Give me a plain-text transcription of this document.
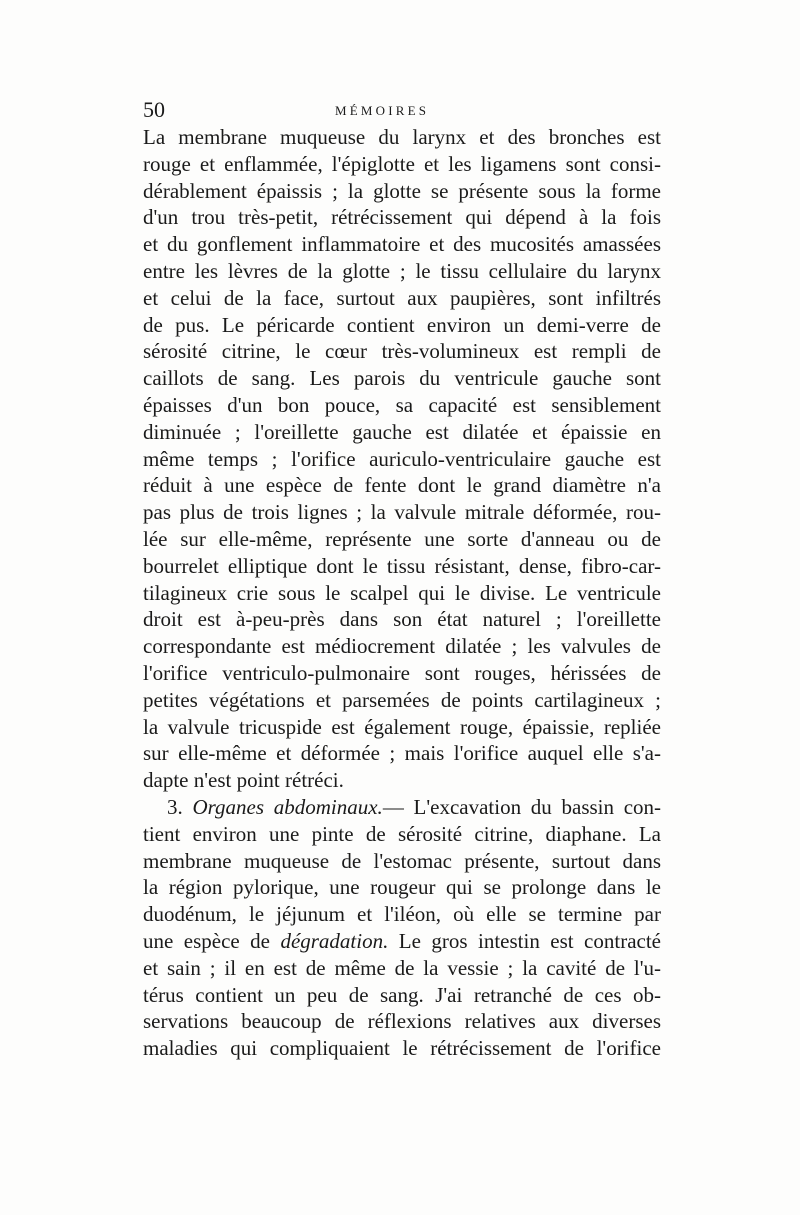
50	MÉMOIRES
La membrane muqueuse du larynx et des bronches est
rouge et enflammée, l'épiglotte et les ligamens sont consi-
dérablement épaissis ; la glotte se présente sous la forme
d'un trou très-petit, rétrécissement qui dépend à la fois
et du gonflement inflammatoire et des mucosités amassées
entre les lèvres de la glotte ; le tissu cellulaire du larynx
et celui de la face, surtout aux paupières, sont infiltrés
de pus. Le péricarde contient environ un demi-verre de
sérosité citrine, le cœur très-volumineux est rempli de
caillots de sang. Les parois du ventricule gauche sont
épaisses d'un bon pouce, sa capacité est sensiblement
diminuée ; l'oreillette gauche est dilatée et épaissie en
même temps ; l'orifice auriculo-ventriculaire gauche est
réduit à une espèce de fente dont le grand diamètre n'a
pas plus de trois lignes ; la valvule mitrale déformée, rou-
lée sur elle-même, représente une sorte d'anneau ou de
bourrelet elliptique dont le tissu résistant, dense, fibro-car-
tilagineux crie sous le scalpel qui le divise. Le ventricule
droit est à-peu-près dans son état naturel ; l'oreillette
correspondante est médiocrement dilatée ; les valvules de
l'orifice ventriculo-pulmonaire sont rouges, hérissées de
petites végétations et parsemées de points cartilagineux ;
la valvule tricuspide est également rouge, épaissie, repliée
sur elle-même et déformée ; mais l'orifice auquel elle s'a-
dapte n'est point rétréci.
3. Organes abdominaux.— L'excavation du bassin con-
tient environ une pinte de sérosité citrine, diaphane. La
membrane muqueuse de l'estomac présente, surtout dans
la région pylorique, une rougeur qui se prolonge dans le
duodénum, le jéjunum et l'iléon, où elle se termine par
une espèce de dégradation. Le gros intestin est contracté
et sain ; il en est de même de la vessie ; la cavité de l'u-
térus contient un peu de sang. J'ai retranché de ces ob-
servations beaucoup de réflexions relatives aux diverses
maladies qui compliquaient le rétrécissement de l'orifice
